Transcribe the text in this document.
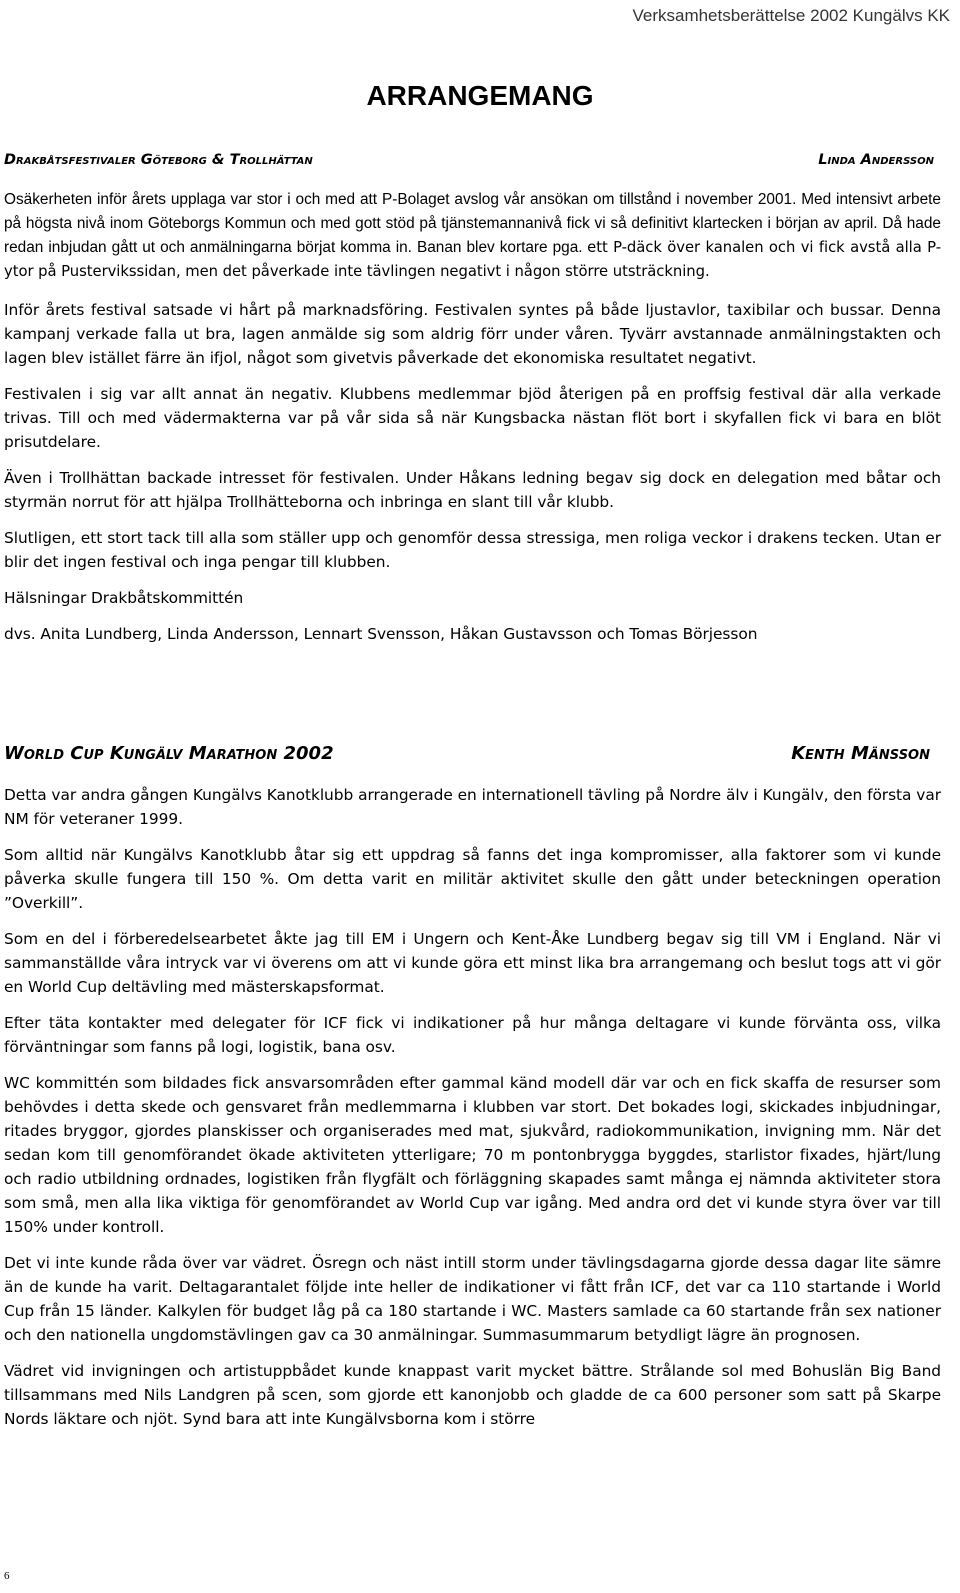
Verksamhetsberättelse 2002 Kungälvs KK
ARRANGEMANG
Drakbåtsfestivaler Göteborg & Trollhättan	Linda Andersson

Osäkerheten inför årets upplaga var stor i och med att P-Bolaget avslog vår ansökan om tillstånd i november 2001. Med intensivt arbete på högsta nivå inom Göteborgs Kommun och med gott stöd på tjänstemannanivå fick vi så definitivt klartecken i början av april. Då hade redan inbjudan gått ut och anmälningarna börjat komma in. Banan blev kortare pga. ett P-däck över kanalen och vi fick avstå alla P-ytor på Pustervikssidan, men det påverkade inte tävlingen negativt i någon större utsträckning.

Inför årets festival satsade vi hårt på marknadsföring. Festivalen syntes på både ljustavlor, taxibilar och bussar. Denna kampanj verkade falla ut bra, lagen anmälde sig som aldrig förr under våren. Tyvärr avstannade anmälningstakten och lagen blev istället färre än ifjol, något som givetvis påverkade det ekonomiska resultatet negativt.

Festivalen i sig var allt annat än negativ. Klubbens medlemmar bjöd återigen på en proffsig festival där alla verkade trivas. Till och med vädermakterna var på vår sida så när Kungsbacka nästan flöt bort i skyfallen fick vi bara en blöt prisutdelare.

Även i Trollhättan backade intresset för festivalen. Under Håkans ledning begav sig dock en delegation med båtar och styrmän norrut för att hjälpa Trollhätteborna och inbringa en slant till vår klubb.

Slutligen, ett stort tack till alla som ställer upp och genomför dessa stressiga, men roliga veckor i drakens tecken. Utan er blir det ingen festival och inga pengar till klubben.

Hälsningar Drakbåtskommittén

dvs. Anita Lundberg, Linda Andersson, Lennart Svensson, Håkan Gustavsson och Tomas Börjesson

World Cup Kungälv Marathon 2002	Kenth Mänsson

Detta var andra gången Kungälvs Kanotklubb arrangerade en internationell tävling på Nordre älv i Kungälv, den första var NM för veteraner 1999.

Som alltid när Kungälvs Kanotklubb åtar sig ett uppdrag så fanns det inga kompromisser, alla faktorer som vi kunde påverka skulle fungera till 150 %. Om detta varit en militär aktivitet skulle den gått under beteckningen operation ”Overkill”.

Som en del i förberedelsearbetet åkte jag till EM i Ungern och Kent-Åke Lundberg begav sig till VM i England. När vi sammanställde våra intryck var vi överens om att vi kunde göra ett minst lika bra arrangemang och beslut togs att vi gör en World Cup deltävling med mästerskapsformat.

Efter täta kontakter med delegater för ICF fick vi indikationer på hur många deltagare vi kunde förvänta oss, vilka förväntningar som fanns på logi, logistik, bana osv.

WC kommittén som bildades fick ansvarsområden efter gammal känd modell där var och en fick skaffa de resurser som behövdes i detta skede och gensvaret från medlemmarna i klubben var stort. Det bokades logi, skickades inbjudningar, ritades bryggor, gjordes planskisser och organiserades med mat, sjukvård, radiokommunikation, invigning mm. När det sedan kom till genomförandet ökade aktiviteten ytterligare; 70 m pontonbrygga byggdes, starlistor fixades, hjärt/lung och radio utbildning ordnades, logistiken från flygfält och förläggning skapades samt många ej nämnda aktiviteter stora som små, men alla lika viktiga för genomförandet av World Cup var igång. Med andra ord det vi kunde styra över var till 150% under kontroll.

Det vi inte kunde råda över var vädret. Ösregn och näst intill storm under tävlingsdagarna gjorde dessa dagar lite sämre än de kunde ha varit. Deltagarantalet följde inte heller de indikationer vi fått från ICF, det var ca 110 startande i World Cup från 15 länder. Kalkylen för budget låg på ca 180 startande i WC. Masters samlade ca 60 startande från sex nationer och den nationella ungdomstävlingen gav ca 30 anmälningar. Summasummarum betydligt lägre än prognosen.

Vädret vid invigningen och artistuppbådet kunde knappast varit mycket bättre. Strålande sol med Bohuslän Big Band tillsammans med Nils Landgren på scen, som gjorde ett kanonjobb och gladde de ca 600 personer som satt på Skarpe Nords läktare och njöt. Synd bara att inte Kungälvsborna kom i större

6
